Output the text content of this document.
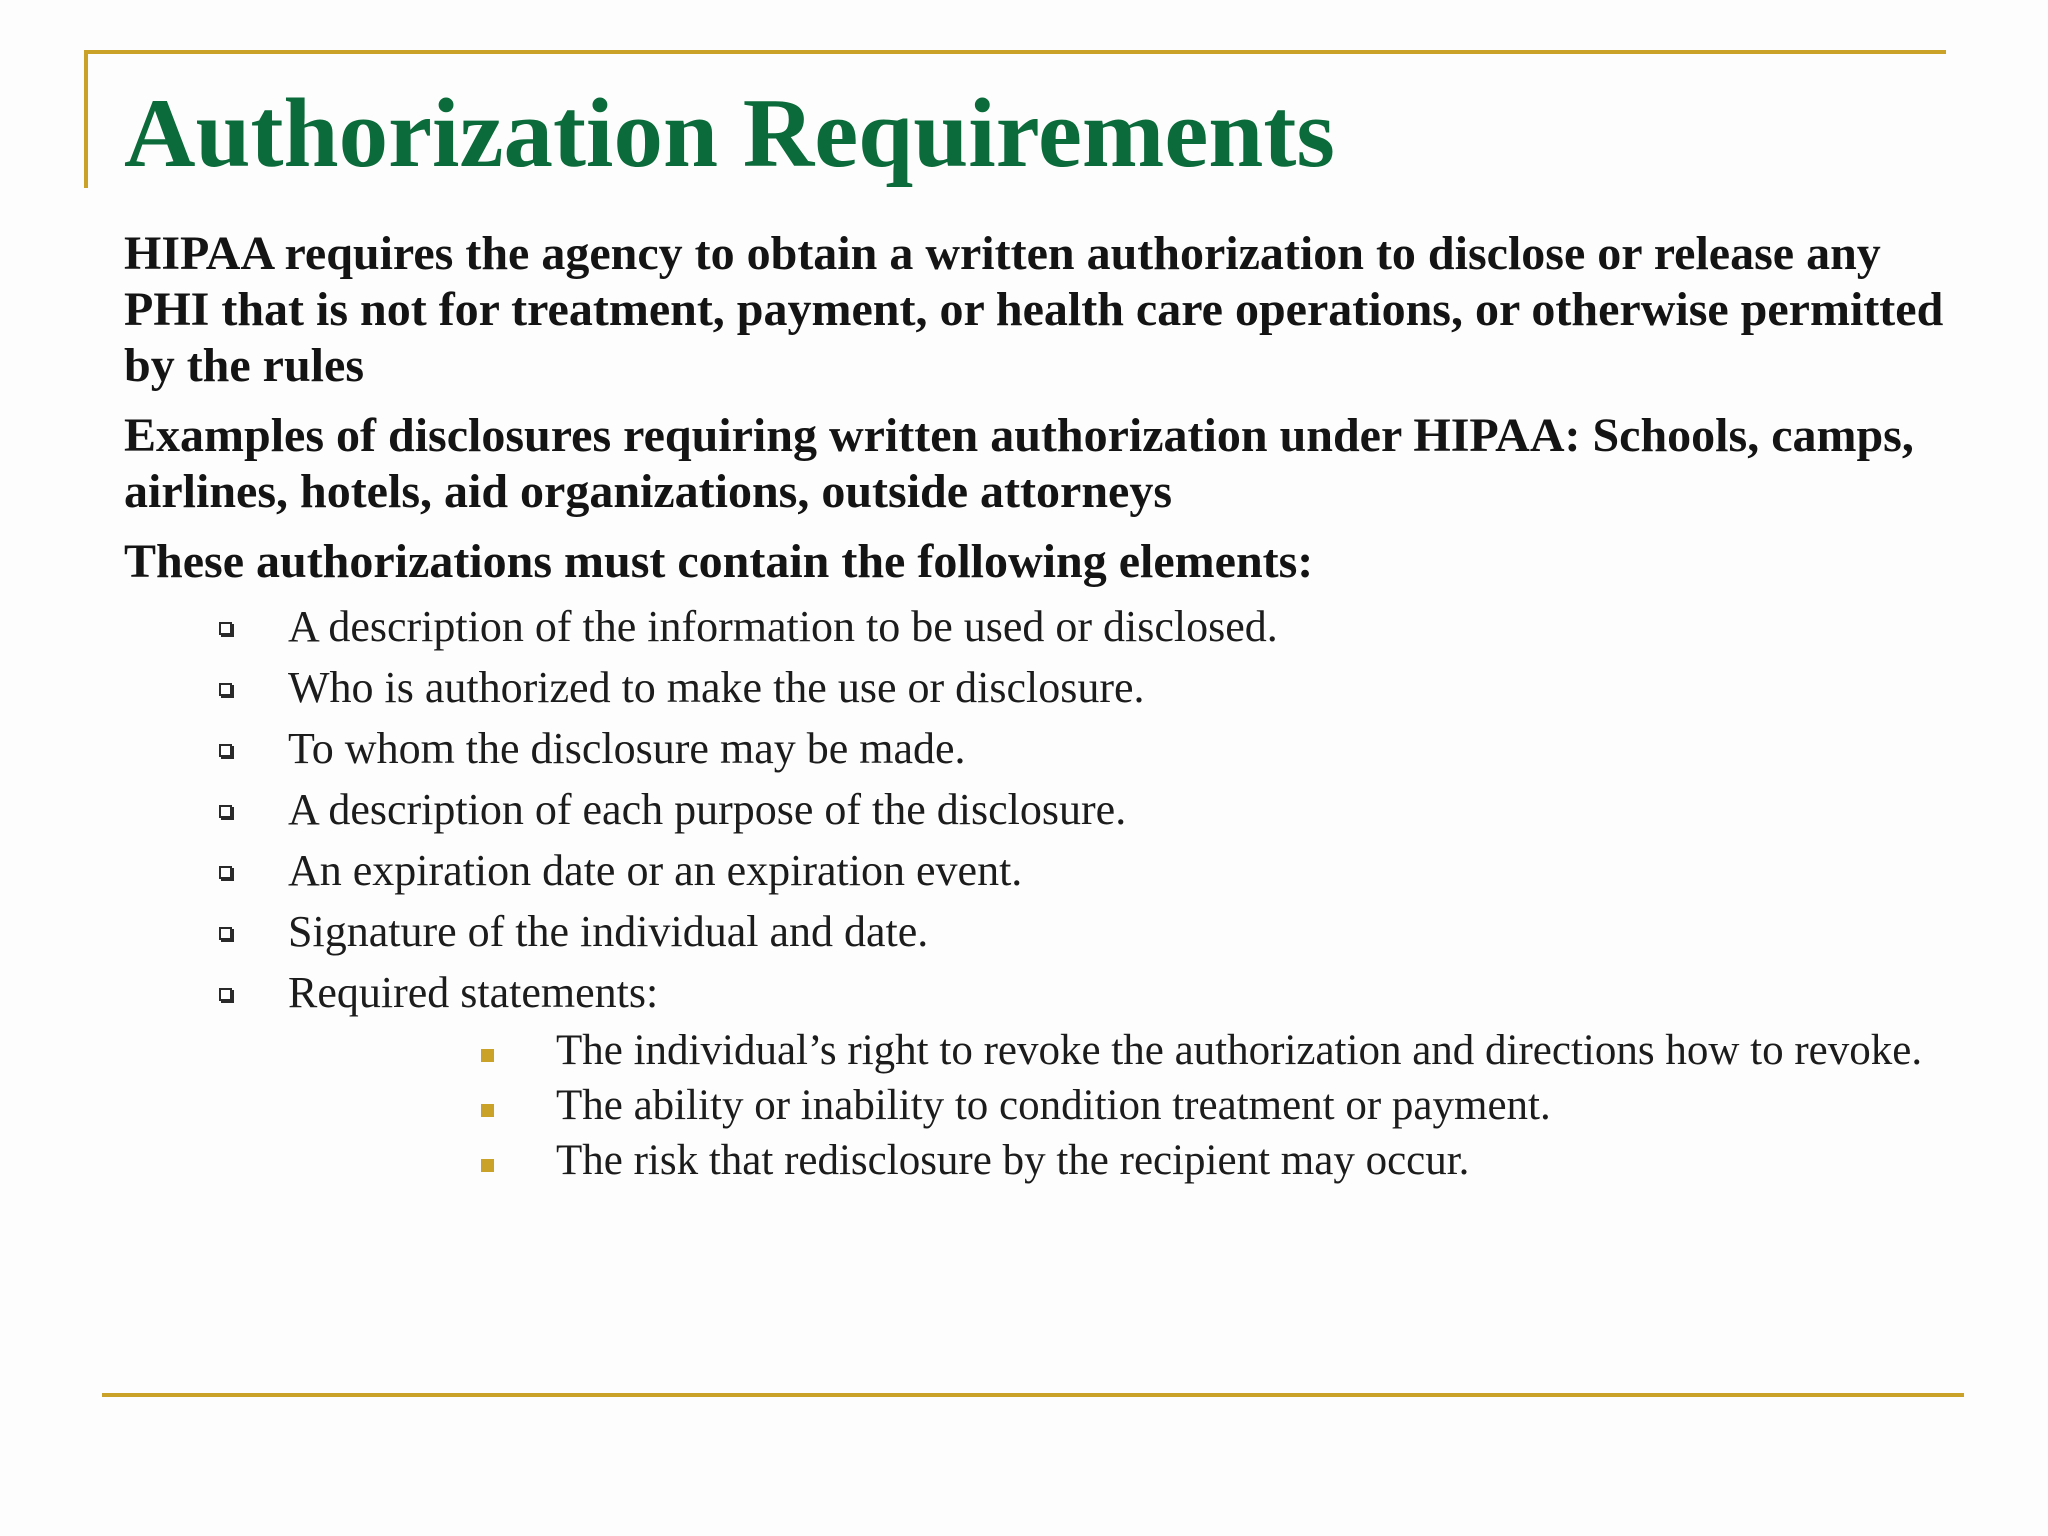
Authorization Requirements

HIPAA requires the agency to obtain a written authorization to disclose or release any PHI that is not for treatment, payment, or health care operations, or otherwise permitted by the rules

Examples of disclosures requiring written authorization under HIPAA: Schools, camps, airlines, hotels, aid organizations, outside attorneys

These authorizations must contain the following elements:

A description of the information to be used or disclosed.
Who is authorized to make the use or disclosure.
To whom the disclosure may be made.
A description of each purpose of the disclosure.
An expiration date or an expiration event.
Signature of the individual and date.
Required statements:
The individual’s right to revoke the authorization and directions how to revoke.
The ability or inability to condition treatment or payment.
The risk that redisclosure by the recipient may occur.
